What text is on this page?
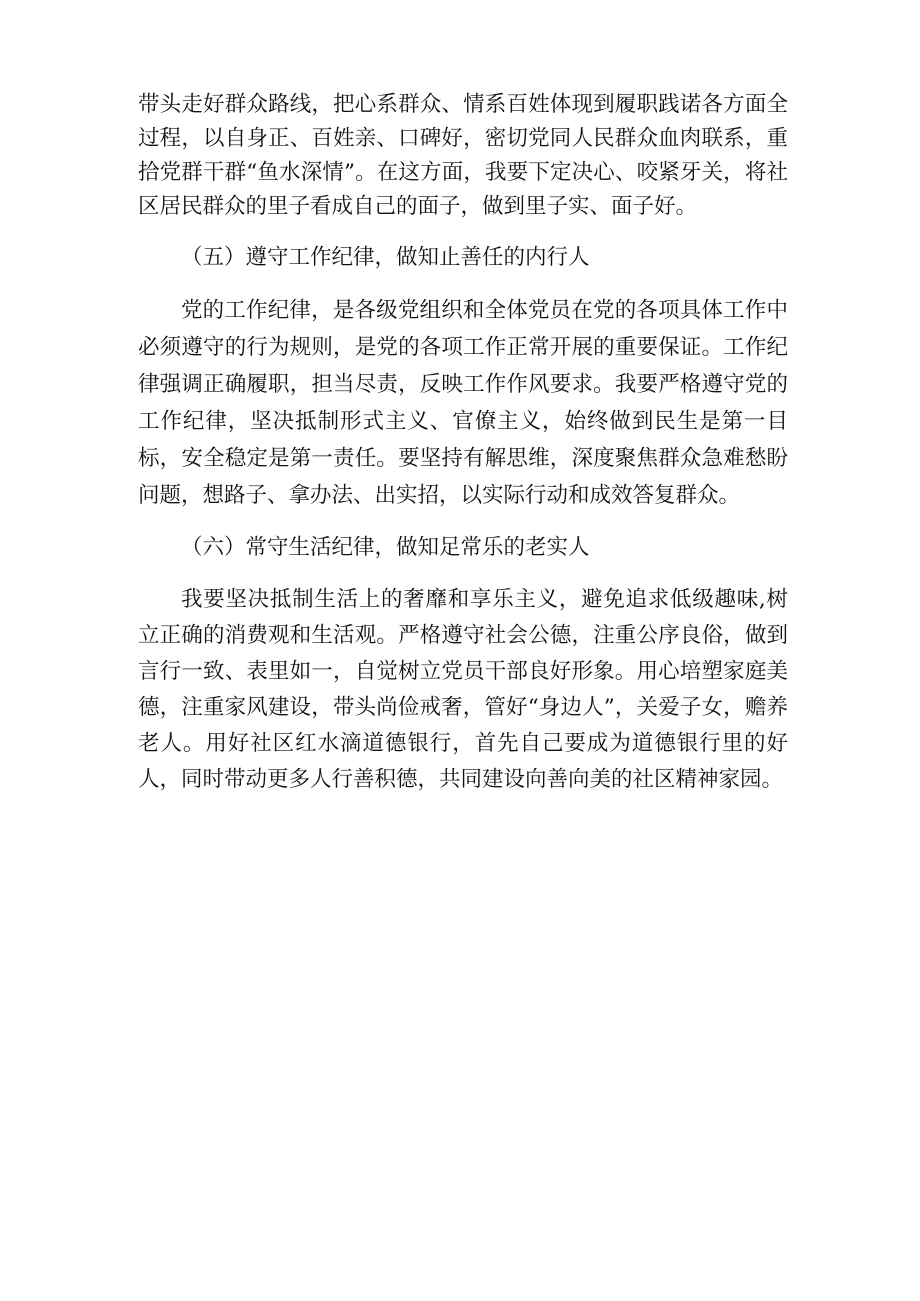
带头走好群众路线，把心系群众、情系百姓体现到履职践诺各方面全过程，以自身正、百姓亲、口碑好，密切党同人民群众血肉联系，重拾党群干群“鱼水深情”。在这方面，我要下定决心、咬紧牙关，将社区居民群众的里子看成自己的面子，做到里子实、面子好。

（五）遵守工作纪律，做知止善任的内行人

党的工作纪律，是各级党组织和全体党员在党的各项具体工作中必须遵守的行为规则，是党的各项工作正常开展的重要保证。工作纪律强调正确履职，担当尽责，反映工作作风要求。我要严格遵守党的工作纪律，坚决抵制形式主义、官僚主义，始终做到民生是第一目标，安全稳定是第一责任。要坚持有解思维，深度聚焦群众急难愁盼问题，想路子、拿办法、出实招，以实际行动和成效答复群众。

（六）常守生活纪律，做知足常乐的老实人

我要坚决抵制生活上的奢靡和享乐主义，避免追求低级趣味,树立正确的消费观和生活观。严格遵守社会公德，注重公序良俗，做到言行一致、表里如一，自觉树立党员干部良好形象。用心培塑家庭美德，注重家风建设，带头尚俭戒奢，管好“身边人”，关爱子女，赡养老人。用好社区红水滴道德银行，首先自己要成为道德银行里的好人，同时带动更多人行善积德，共同建设向善向美的社区精神家园。
